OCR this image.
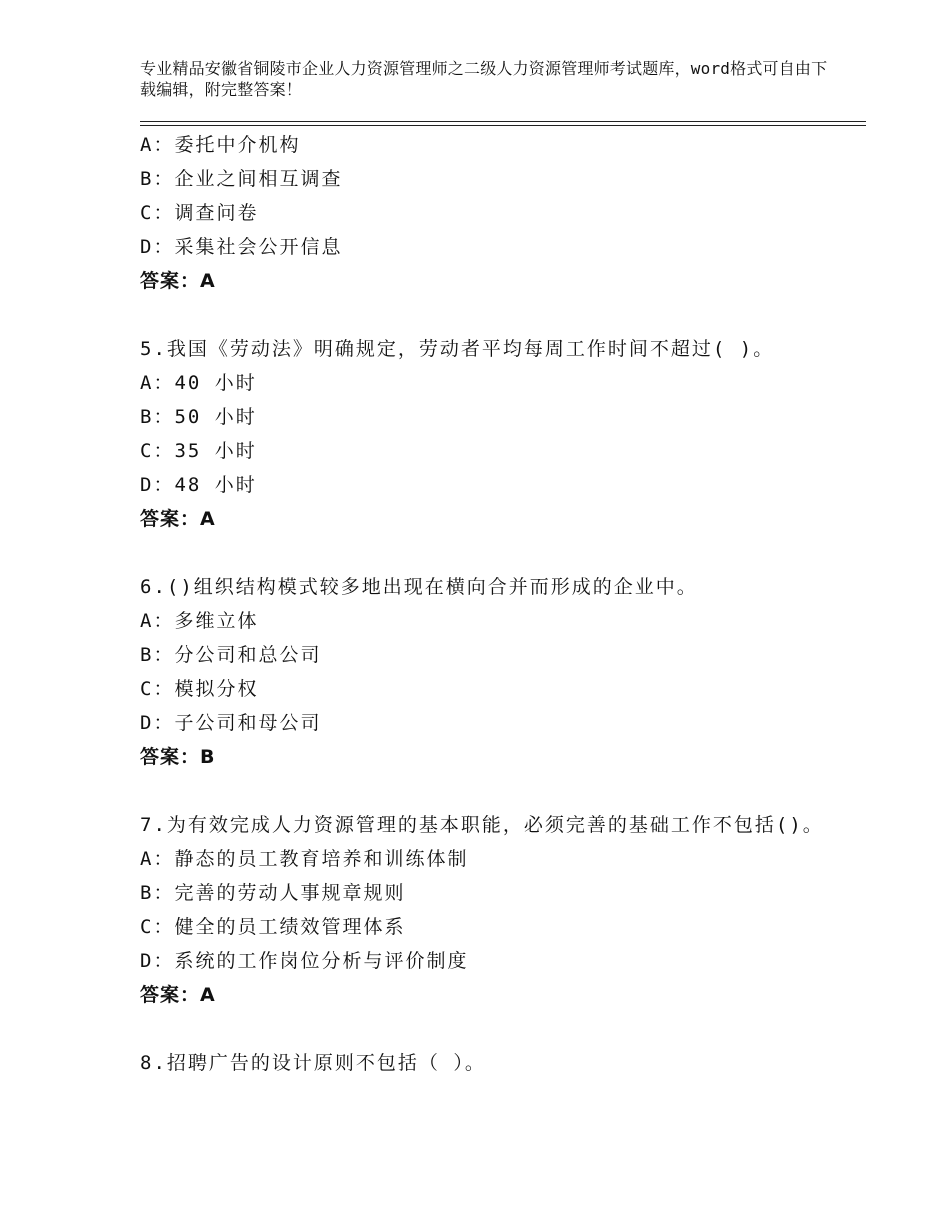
专业精品安徽省铜陵市企业人力资源管理师之二级人力资源管理师考试题库，word格式可自由下载编辑，附完整答案！
A：委托中介机构
B：企业之间相互调查
C：调查问卷
D：采集社会公开信息
答案：A
5.我国《劳动法》明确规定，劳动者平均每周工作时间不超过( )。
A：40 小时
B：50 小时
C：35 小时
D：48 小时
答案：A
6.()组织结构模式较多地出现在横向合并而形成的企业中。
A：多维立体
B：分公司和总公司
C：模拟分权
D：子公司和母公司
答案：B
7.为有效完成人力资源管理的基本职能，必须完善的基础工作不包括()。
A：静态的员工教育培养和训练体制
B：完善的劳动人事规章规则
C：健全的员工绩效管理体系
D：系统的工作岗位分析与评价制度
答案：A
8.招聘广告的设计原则不包括（ ）。
